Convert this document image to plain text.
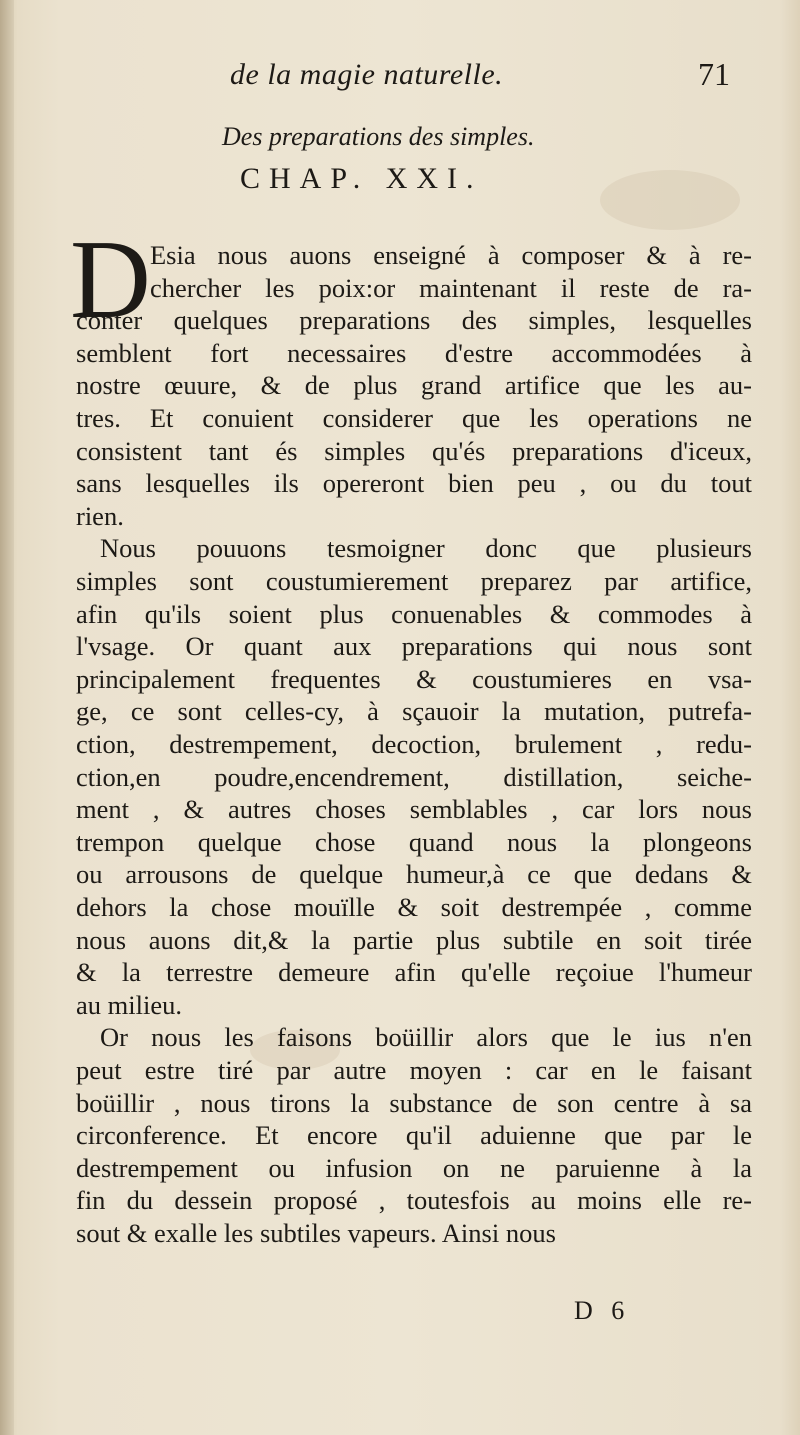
de la magie naturelle.	71
Des preparations des simples.
CHAP. XXI.
D Esia nous auons enseigné à composer & à re-
chercher les poix:or maintenant il reste de ra-
conter quelques preparations des simples, lesquelles
semblent fort necessaires d'estre accommodées à
nostre œuure, & de plus grand artifice que les au-
tres. Et conuient considerer que les operations ne
consistent tant és simples qu'és preparations d'iceux,
sans lesquelles ils opereront bien peu , ou du tout
rien.
Nous pouuons tesmoigner donc que plusieurs
simples sont coustumierement preparez par artifice,
afin qu'ils soient plus conuenables & commodes à
l'vsage. Or quant aux preparations qui nous sont
principalement frequentes & coustumieres en vsa-
ge, ce sont celles-cy, à sçauoir la mutation, putrefa-
ction, destrempement, decoction, brulement , redu-
ction,en poudre,encendrement, distillation, seiche-
ment , & autres choses semblables , car lors nous
trempon quelque chose quand nous la plongeons
ou arrousons de quelque humeur,à ce que dedans &
dehors la chose mouïlle & soit destrempée , comme
nous auons dit,& la partie plus subtile en soit tirée
& la terrestre demeure afin qu'elle reçoiue l'humeur
au milieu.
Or nous les faisons boüillir alors que le ius n'en
peut estre tiré par autre moyen : car en le faisant
boüillir , nous tirons la substance de son centre à sa
circonference. Et encore qu'il aduienne que par le
destrempement ou infusion on ne paruienne à la
fin du dessein proposé , toutesfois au moins elle re-
sout & exalle les subtiles vapeurs. Ainsi nous
D 6
